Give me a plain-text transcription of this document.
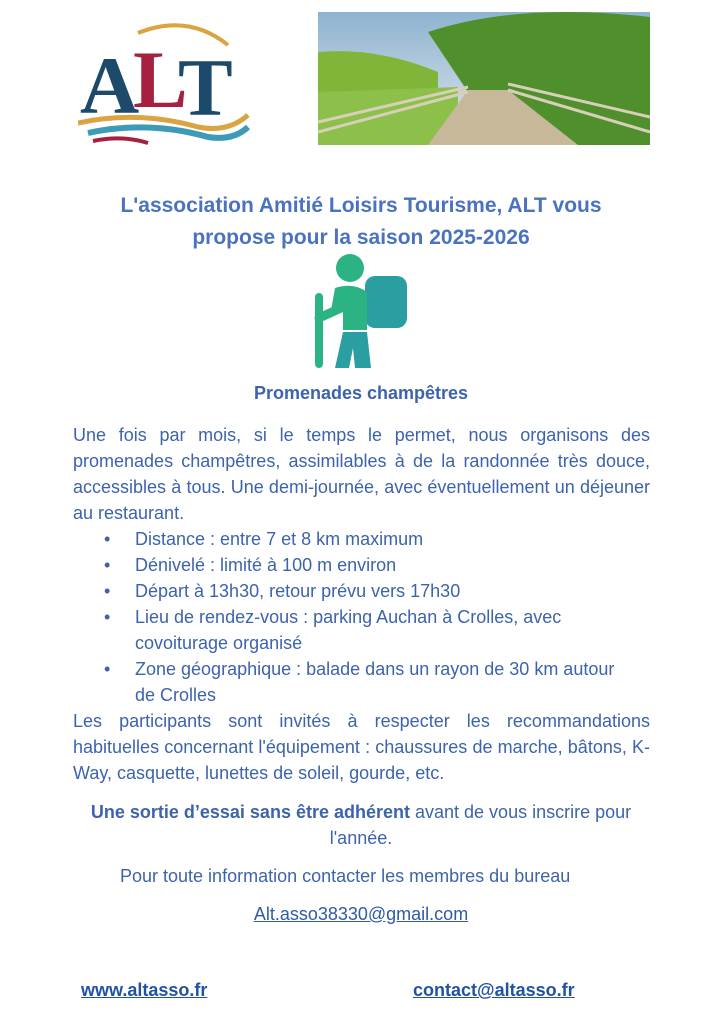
A
L
T
L'association Amitié Loisirs Tourisme, ALT vous
propose pour la saison 2025-2026
Promenades champêtres

Une fois par mois, si le temps le permet, nous organisons des promenades champêtres, assimilables à de la randonnée très douce, accessibles à tous. Une demi-journée, avec éventuellement un déjeuner au restaurant.

• Distance : entre 7 et 8 km maximum
• Dénivelé : limité à 100 m environ
• Départ à 13h30, retour prévu vers 17h30
• Lieu de rendez-vous : parking Auchan à Crolles, avec covoiturage organisé
• Zone géographique : balade dans un rayon de 30 km autour de Crolles

Les participants sont invités à respecter les recommandations habituelles concernant l'équipement : chaussures de marche, bâtons, K-Way, casquette, lunettes de soleil, gourde, etc.

Une sortie d’essai sans être adhérent avant de vous inscrire pour l'année.
Pour toute information contacter les membres du bureau
Alt.asso38330@gmail.com
www.altasso.fr	contact@altasso.fr
